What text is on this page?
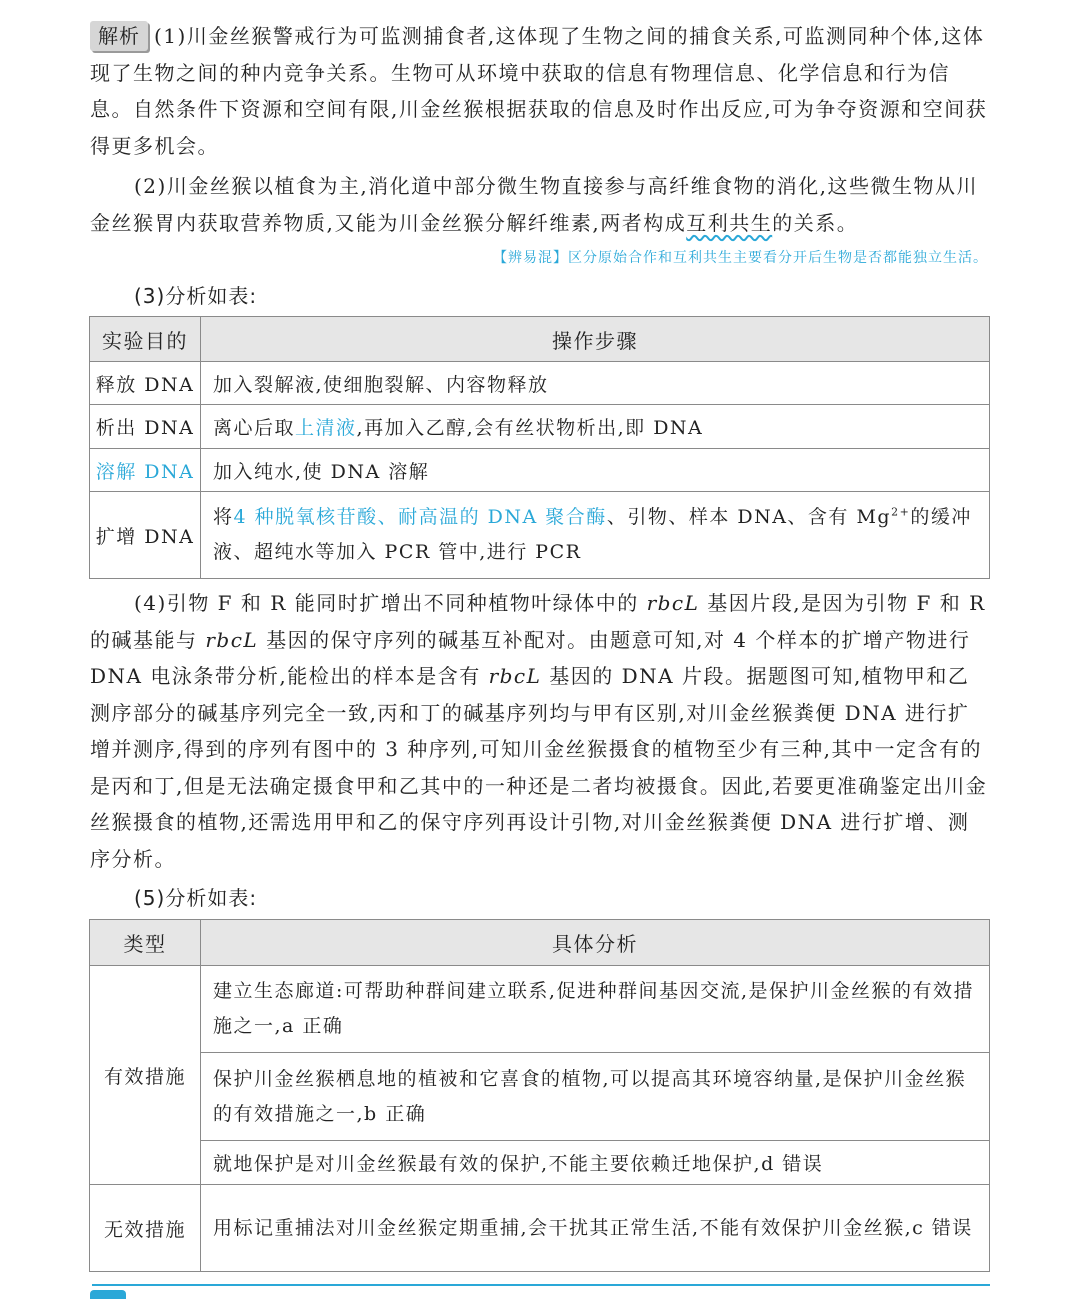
解析 (1)川金丝猴警戒行为可监测捕食者,这体现了生物之间的捕食关系,可监测同种个体,这体现了生物之间的种内竞争关系。生物可从环境中获取的信息有物理信息、化学信息和行为信息。自然条件下资源和空间有限,川金丝猴根据获取的信息及时作出反应,可为争夺资源和空间获得更多机会。

(2)川金丝猴以植食为主,消化道中部分微生物直接参与高纤维食物的消化,这些微生物从川金丝猴胃内获取营养物质,又能为川金丝猴分解纤维素,两者构成互利共生的关系。

【辨易混】区分原始合作和互利共生主要看分开后生物是否都能独立生活。
(3)分析如表:
实验目的	操作步骤
释放 DNA	加入裂解液,使细胞裂解、内容物释放
析出 DNA	离心后取上清液,再加入乙醇,会有丝状物析出,即 DNA
溶解 DNA	加入纯水,使 DNA 溶解
扩增 DNA	将4 种脱氧核苷酸、耐高温的 DNA 聚合酶、引物、样本 DNA、含有 $Mg^{2+}$的缓冲液、超纯水等加入 PCR 管中,进行 PCR

(4)引物 F 和 R 能同时扩增出不同种植物叶绿体中的 rbcL 基因片段,是因为引物 F 和 R 的碱基能与 rbcL 基因的保守序列的碱基互补配对。由题意可知,对 4 个样本的扩增产物进行 DNA 电泳条带分析,能检出的样本是含有 rbcL 基因的 DNA 片段。据题图可知,植物甲和乙测序部分的碱基序列完全一致,丙和丁的碱基序列均与甲有区别,对川金丝猴粪便 DNA 进行扩增并测序,得到的序列有图中的 3 种序列,可知川金丝猴摄食的植物至少有三种,其中一定含有的是丙和丁,但是无法确定摄食甲和乙其中的一种还是二者均被摄食。因此,若要更准确鉴定出川金丝猴摄食的植物,还需选用甲和乙的保守序列再设计引物,对川金丝猴粪便 DNA 进行扩增、测序分析。

(5)分析如表:
类型	具体分析
有效措施	建立生态廊道:可帮助种群间建立联系,促进种群间基因交流,是保护川金丝猴的有效措施之一,a 正确
	保护川金丝猴栖息地的植被和它喜食的植物,可以提高其环境容纳量,是保护川金丝猴的有效措施之一,b 正确
	就地保护是对川金丝猴最有效的保护,不能主要依赖迁地保护,d 错误
无效措施	用标记重捕法对川金丝猴定期重捕,会干扰其正常生活,不能有效保护川金丝猴,c 错误
